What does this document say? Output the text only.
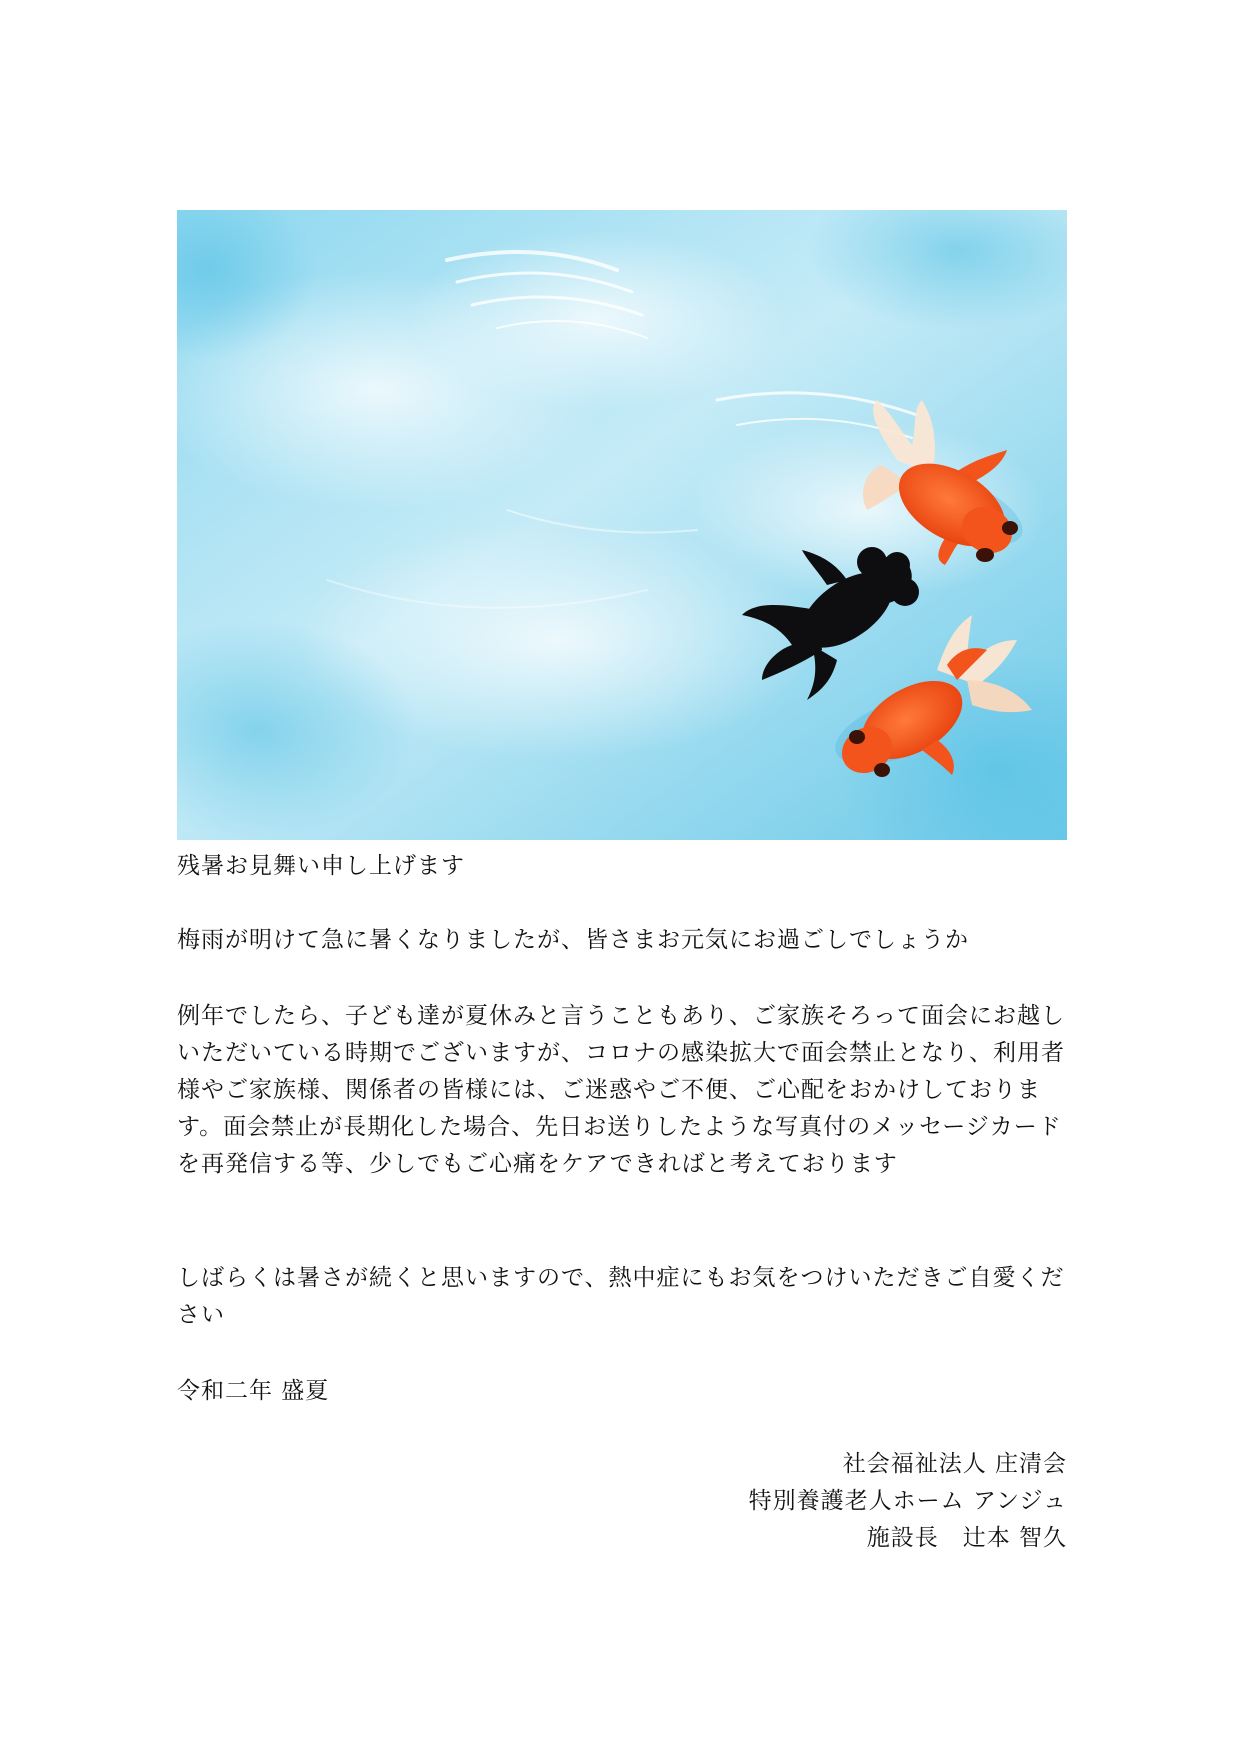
残暑お見舞い申し上げます

梅雨が明けて急に暑くなりましたが、皆さまお元気にお過ごしでしょうか

例年でしたら、子ども達が夏休みと言うこともあり、ご家族そろって面会にお越しいただいている時期でございますが、コロナの感染拡大で面会禁止となり、利用者様やご家族様、関係者の皆様には、ご迷惑やご不便、ご心配をおかけしております。面会禁止が長期化した場合、先日お送りしたような写真付のメッセージカードを再発信する等、少しでもご心痛をケアできればと考えております

しばらくは暑さが続くと思いますので、熱中症にもお気をつけいただきご自愛ください

令和二年 盛夏

社会福祉法人 庄清会
特別養護老人ホーム アンジュ
施設長　辻本 智久
